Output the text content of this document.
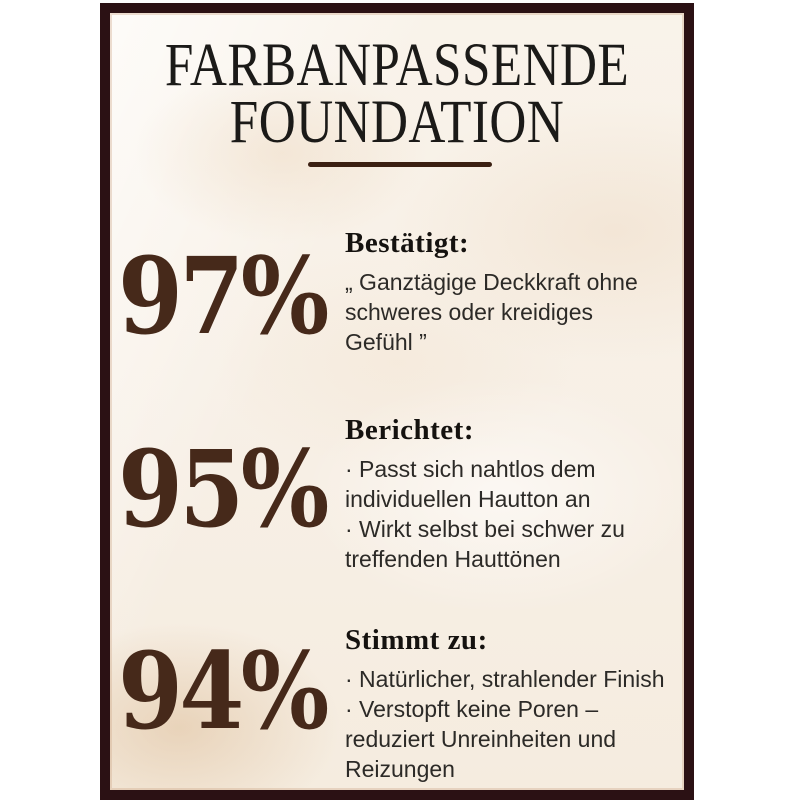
FARBANPASSENDE
FOUNDATION
97% Bestätigt:
„ Ganztägige Deckkraft ohne
schweres oder kreidiges
Gefühl ”
95% Berichtet:
· Passt sich nahtlos dem
individuellen Hautton an
· Wirkt selbst bei schwer zu
treffenden Hauttönen
94% Stimmt zu:
· Natürlicher, strahlender Finish
· Verstopft keine Poren –
reduziert Unreinheiten und
Reizungen
